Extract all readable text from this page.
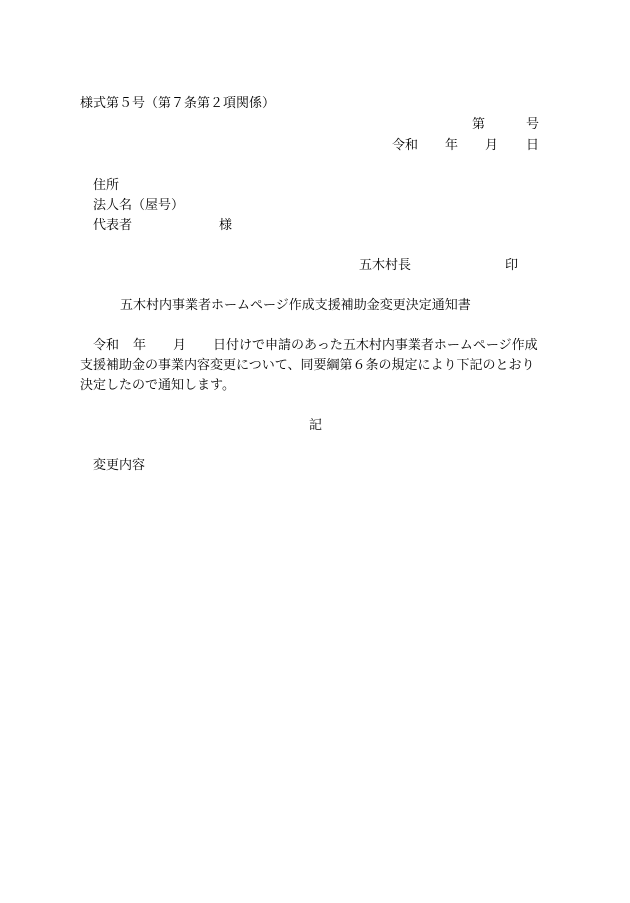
様式第５号（第７条第２項関係）
第	号
令和 年 月 日
住所
法人名（屋号）
代表者	様
五木村長	印
五木村内事業者ホームページ作成支援補助金変更決定通知書
令和 年 月 日付けで申請のあった五木村内事業者ホームページ作成
支援補助金の事業内容変更について、同要綱第６条の規定により下記のとおり
決定したので通知します。
記
変更内容
